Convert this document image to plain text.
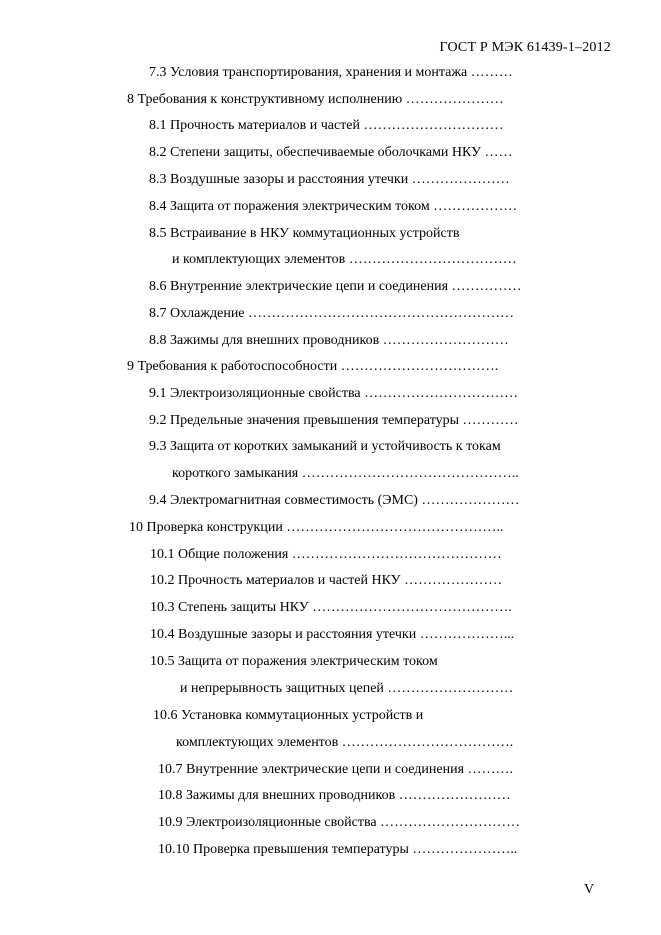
ГОСТ Р МЭК 61439-1–2012
7.3 Условия транспортирования, хранения и монтажа ………
8 Требования к конструктивному исполнению …………………
8.1 Прочность материалов и частей …………………………
8.2 Степени защиты, обеспечиваемые оболочками НКУ ……
8.3 Воздушные зазоры и расстояния утечки …………………
8.4 Защита от поражения электрическим током ………………
8.5 Встраивание в НКУ коммутационных устройств
и комплектующих элементов ………………………………
8.6 Внутренние электрические цепи и соединения ……………
8.7 Охлаждение …………………………………………………
8.8 Зажимы для внешних проводников ………………………
9 Требования к работоспособности …………………………….
9.1 Электроизоляционные свойства ……………………………
9.2 Предельные значения превышения температуры …………
9.3 Защита от коротких замыканий и устойчивость к токам
короткого замыкания ………………………………………..
9.4 Электромагнитная совместимость (ЭМС) …………………
10 Проверка конструкции ………………………………………..
10.1 Общие положения ………………………………………
10.2 Прочность материалов и частей НКУ …………………
10.3 Степень защиты НКУ …………………………………….
10.4 Воздушные зазоры и расстояния утечки ………………...
10.5 Защита от поражения электрическим током
и непрерывность защитных цепей ………………………
10.6 Установка коммутационных устройств и
комплектующих элементов ……………………………….
10.7 Внутренние электрические цепи и соединения ……….
10.8 Зажимы для внешних проводников ……………………
10.9 Электроизоляционные свойства …………………………
10.10 Проверка превышения температуры …………………..
V
